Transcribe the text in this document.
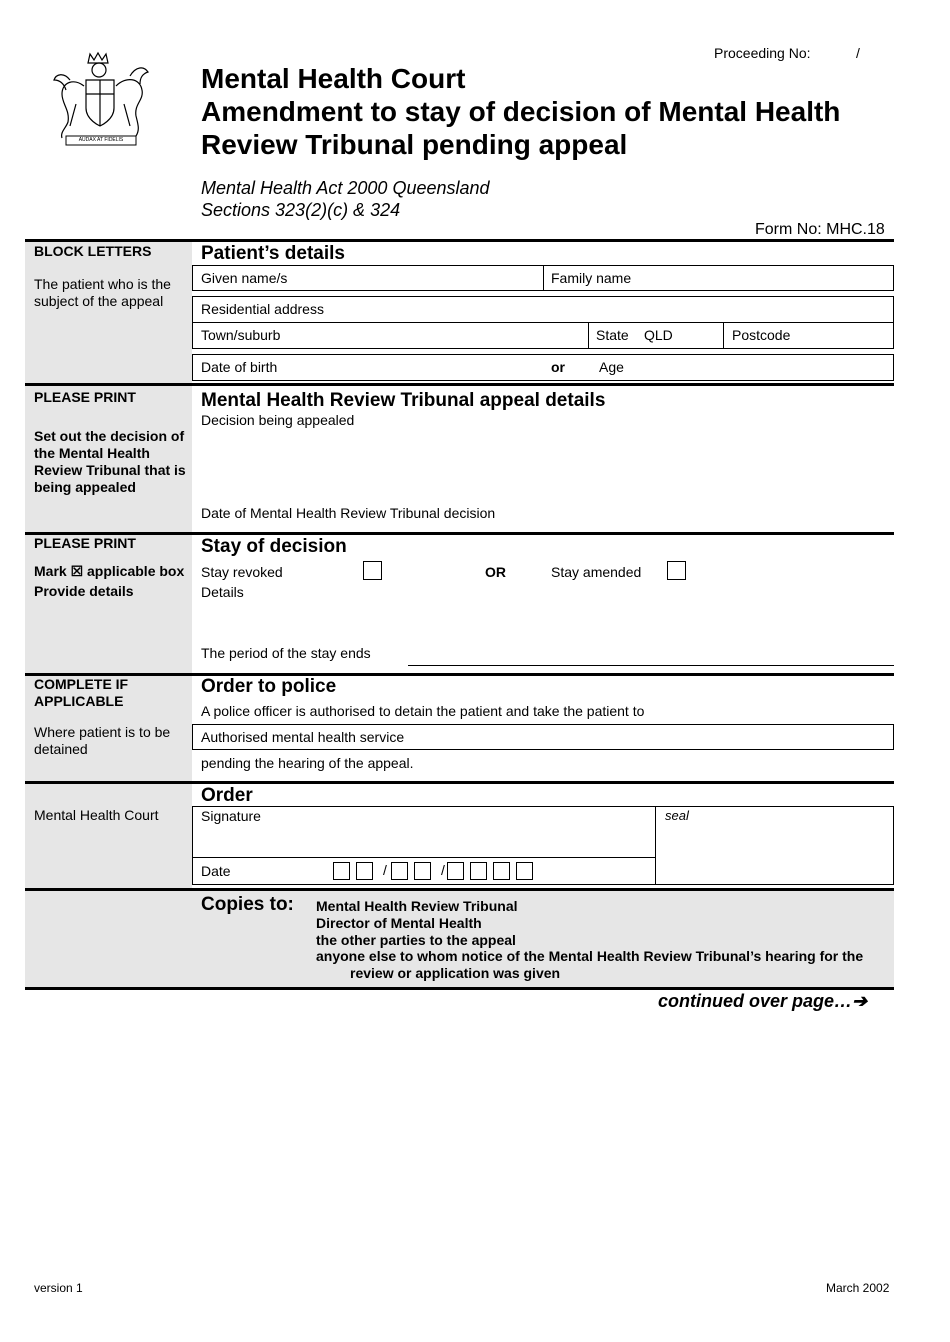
Proceeding No:	/
AUDAX AT FIDELIS
Mental Health Court
Amendment to stay of decision of Mental Health
Review Tribunal pending appeal
Mental Health Act 2000 Queensland
Sections 323(2)(c) & 324
Form No: MHC.18
BLOCK LETTERS
The patient who is the subject of the appeal
Patient’s details
Given name/s	Family name
Residential address
Town/suburb	State QLD	Postcode
Date of birth	or Age
PLEASE PRINT
Set out the decision of the Mental Health Review Tribunal that is being appealed
Mental Health Review Tribunal appeal details
Decision being appealed
Date of Mental Health Review Tribunal decision
PLEASE PRINT
Mark ☒ applicable box
Provide details
Stay of decision
Stay revoked	OR	Stay amended
Details
The period of the stay ends
COMPLETE IF APPLICABLE
Where patient is to be detained
Order to police
A police officer is authorised to detain the patient and take the patient to
Authorised mental health service
pending the hearing of the appeal.
Mental Health Court
Order
Signature	seal
Date	/	/
Copies to: Mental Health Review Tribunal
Director of Mental Health
the other parties to the appeal
anyone else to whom notice of the Mental Health Review Tribunal’s hearing for the
review or application was given
continued over page…➔
version 1	March 2002
